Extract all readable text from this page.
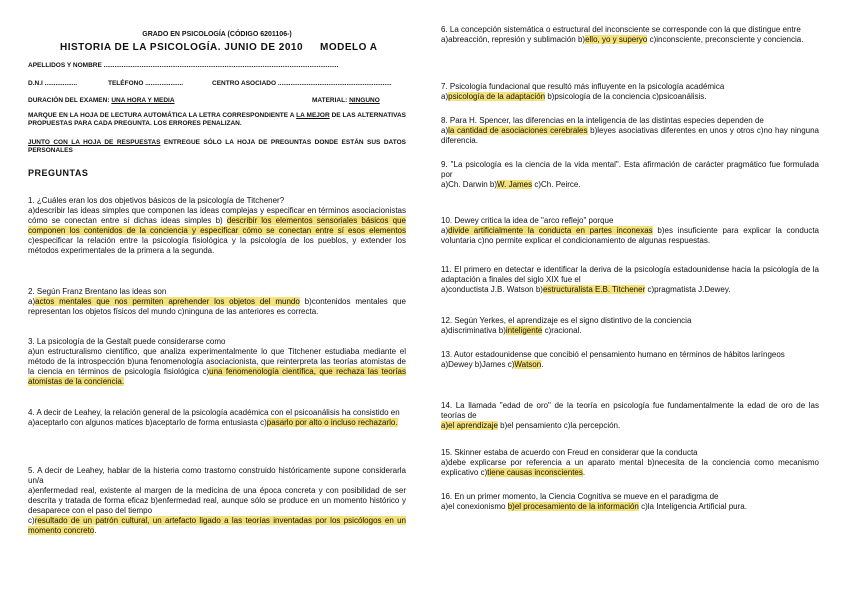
GRADO EN PSICOLOGÍA (CÓDIGO 6201106-)
HISTORIA DE LA PSICOLOGÍA. JUNIO DE 2010 MODELO A
APELLIDOS Y NOMBRE ..................................................................................................................................
D.N.I ..................	TELÉFONO .....................	CENTRO ASOCIADO ...............................................................
DURACIÓN DEL EXAMEN: UNA HORA Y MEDIA	MATERIAL: NINGUNO
MARQUE EN LA HOJA DE LECTURA AUTOMÁTICA LA LETRA CORRESPONDIENTE A LA MEJOR DE LAS ALTERNATIVAS PROPUESTAS PARA CADA PREGUNTA. LOS ERRORES PENALIZAN.
JUNTO CON LA HOJA DE RESPUESTAS ENTREGUE SÓLO LA HOJA DE PREGUNTAS DONDE ESTÁN SUS DATOS PERSONALES
PREGUNTAS

1. ¿Cuáles eran los dos objetivos básicos de la psicología de Titchener?

a)describir las ideas simples que componen las ideas complejas y especificar en términos asociacionistas cómo se conectan entre sí dichas ideas simples b) describir los elementos sensoriales básicos que componen los contenidos de la conciencia y especificar cómo se conectan entre sí esos elementos c)especificar la relación entre la psicología fisiológica y la psicología de los pueblos, y extender los métodos experimentales de la primera a la segunda.

2. Según Franz Brentano las ideas son

a)actos mentales que nos permiten aprehender los objetos del mundo b)contenidos mentales que representan los objetos físicos del mundo c)ninguna de las anteriores es correcta.

3. La psicología de la Gestalt puede considerarse como

a)un estructuralismo científico, que analiza experimentalmente lo que Titchener estudiaba mediante el método de la introspección b)una fenomenología asociacionista, que reinterpreta las teorías atomistas de la ciencia en términos de psicología fisiológica c)una fenomenología científica, que rechaza las teorías atomistas de la conciencia.

4. A decir de Leahey, la relación general de la psicología académica con el psicoanálisis ha consistido en

a)aceptarlo con algunos matices b)aceptarlo de forma entusiasta c)pasarlo por alto o incluso rechazarlo.

5. A decir de Leahey, hablar de la histeria como trastorno construido históricamente supone considerarla un/a

a)enfermedad real, existente al margen de la medicina de una época concreta y con posibilidad de ser descrita y tratada de forma eficaz b)enfermedad real, aunque sólo se produce en un momento histórico y desaparece con el paso del tiempo

c)resultado de un patrón cultural, un artefacto ligado a las teorías inventadas por los psicólogos en un momento concreto.

6. La concepción sistemática o estructural del inconsciente se corresponde con la que distingue entre

a)abreacción, represión y sublimación b)ello, yo y superyo c)inconsciente, preconsciente y conciencia.

7. Psicología fundacional que resultó más influyente en la psicología académica

a)psicología de la adaptación b)psicología de la conciencia c)psicoanálisis.

8. Para H. Spencer, las diferencias en la inteligencia de las distintas especies dependen de

a)la cantidad de asociaciones cerebrales b)leyes asociativas diferentes en unos y otros c)no hay ninguna diferencia.

9. "La psicología es la ciencia de la vida mental". Esta afirmación de carácter pragmático fue formulada por

a)Ch. Darwin b)W. James c)Ch. Peirce.

10. Dewey critica la idea de "arco reflejo" porque

a)divide artificialmente la conducta en partes inconexas b)es insuficiente para explicar la conducta voluntaria c)no permite explicar el condicionamiento de algunas respuestas.

11. El primero en detectar e identificar la deriva de la psicología estadounidense hacia la psicología de la adaptación a finales del siglo XIX fue el

a)conductista J.B. Watson b)estructuralista E.B. Titchener c)pragmatista J.Dewey.

12. Según Yerkes, el aprendizaje es el signo distintivo de la conciencia

a)discriminativa b)inteligente c)racional.

13. Autor estadounidense que concibió el pensamiento humano en términos de hábitos laríngeos

a)Dewey b)James c)Watson.

14. La llamada "edad de oro" de la teoría en psicología fue fundamentalmente la edad de oro de las teorías de

a)el aprendizaje b)el pensamiento c)la percepción.

15. Skinner estaba de acuerdo con Freud en considerar que la conducta

a)debe explicarse por referencia a un aparato mental b)necesita de la conciencia como mecanismo explicativo c)tiene causas inconscientes.

16. En un primer momento, la Ciencia Cognitiva se mueve en el paradigma de

a)el conexionismo b)el procesamiento de la información c)la Inteligencia Artificial pura.
